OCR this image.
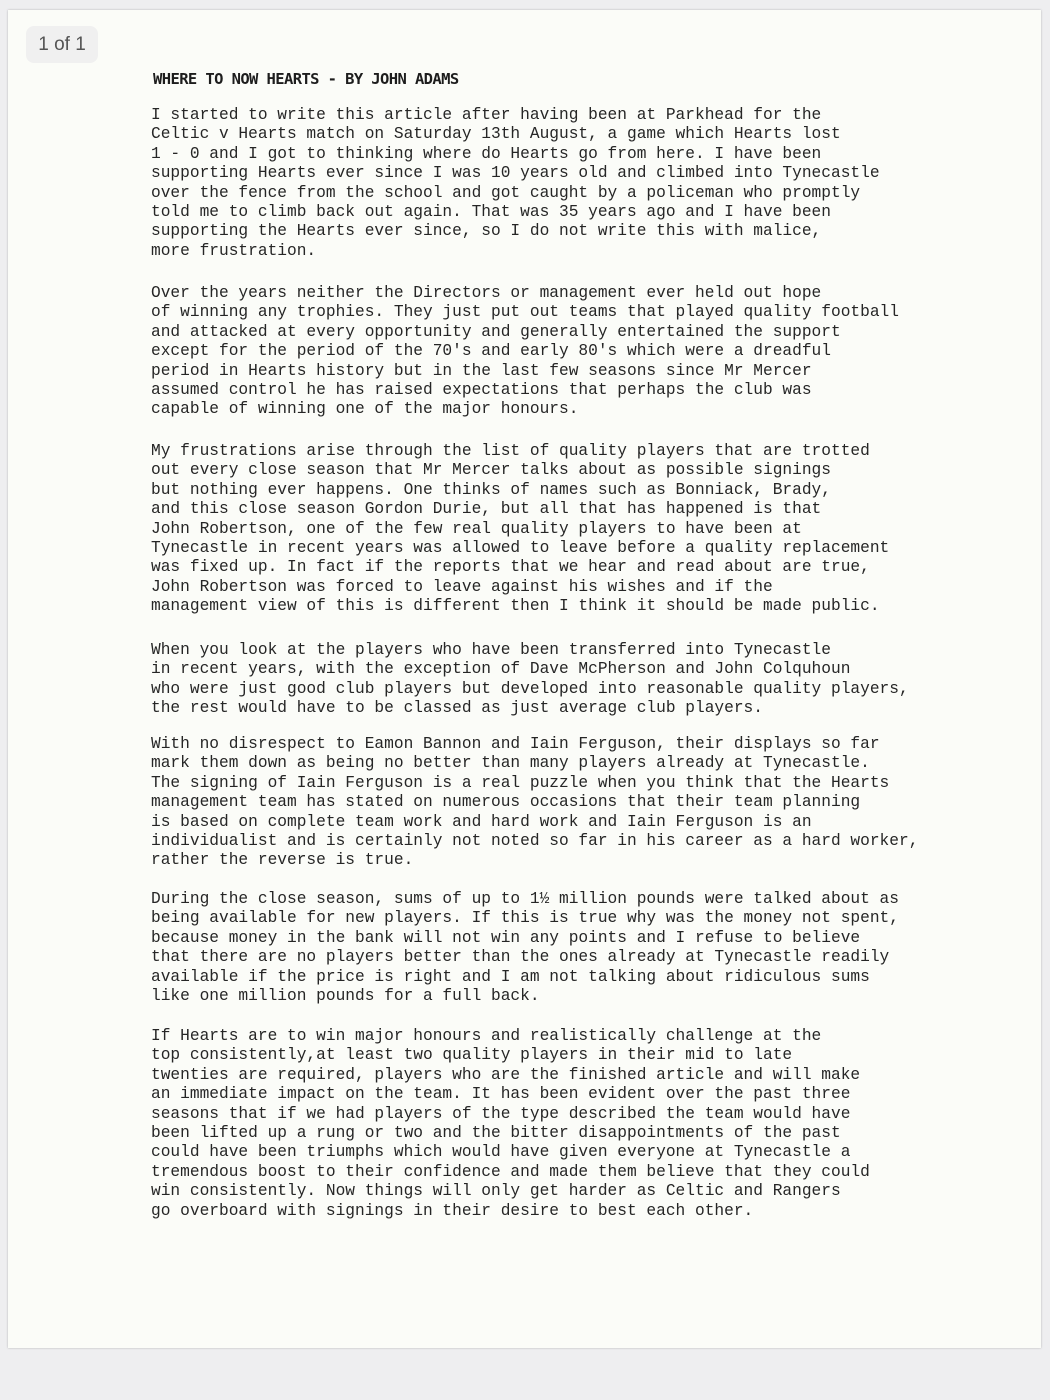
1 of 1
WHERE TO NOW HEARTS - BY JOHN ADAMS

I started to write this article after having been at Parkhead for the
Celtic v Hearts match on Saturday 13th August, a game which Hearts lost
1 - 0 and I got to thinking where do Hearts go from here. I have been
supporting Hearts ever since I was 10 years old and climbed into Tynecastle
over the fence from the school and got caught by a policeman who promptly
told me to climb back out again. That was 35 years ago and I have been
supporting the Hearts ever since, so I do not write this with malice,
more frustration.

Over the years neither the Directors or management ever held out hope
of winning any trophies. They just put out teams that played quality football
and attacked at every opportunity and generally entertained the support
except for the period of the 70's and early 80's which were a dreadful
period in Hearts history but in the last few seasons since Mr Mercer
assumed control he has raised expectations that perhaps the club was
capable of winning one of the major honours.

My frustrations arise through the list of quality players that are trotted
out every close season that Mr Mercer talks about as possible signings
but nothing ever happens. One thinks of names such as Bonniack, Brady,
and this close season Gordon Durie, but all that has happened is that
John Robertson, one of the few real quality players to have been at
Tynecastle in recent years was allowed to leave before a quality replacement
was fixed up. In fact if the reports that we hear and read about are true,
John Robertson was forced to leave against his wishes and if the
management view of this is different then I think it should be made public.

When you look at the players who have been transferred into Tynecastle
in recent years, with the exception of Dave McPherson and John Colquhoun
who were just good club players but developed into reasonable quality players,
the rest would have to be classed as just average club players.

With no disrespect to Eamon Bannon and Iain Ferguson, their displays so far
mark them down as being no better than many players already at Tynecastle.
The signing of Iain Ferguson is a real puzzle when you think that the Hearts
management team has stated on numerous occasions that their team planning
is based on complete team work and hard work and Iain Ferguson is an
individualist and is certainly not noted so far in his career as a hard worker,
rather the reverse is true.

During the close season, sums of up to 1½ million pounds were talked about as
being available for new players. If this is true why was the money not spent,
because money in the bank will not win any points and I refuse to believe
that there are no players better than the ones already at Tynecastle readily
available if the price is right and I am not talking about ridiculous sums
like one million pounds for a full back.

If Hearts are to win major honours and realistically challenge at the
top consistently,at least two quality players in their mid to late
twenties are required, players who are the finished article and will make
an immediate impact on the team. It has been evident over the past three
seasons that if we had players of the type described the team would have
been lifted up a rung or two and the bitter disappointments of the past
could have been triumphs which would have given everyone at Tynecastle a
tremendous boost to their confidence and made them believe that they could
win consistently. Now things will only get harder as Celtic and Rangers
go overboard with signings in their desire to best each other.
